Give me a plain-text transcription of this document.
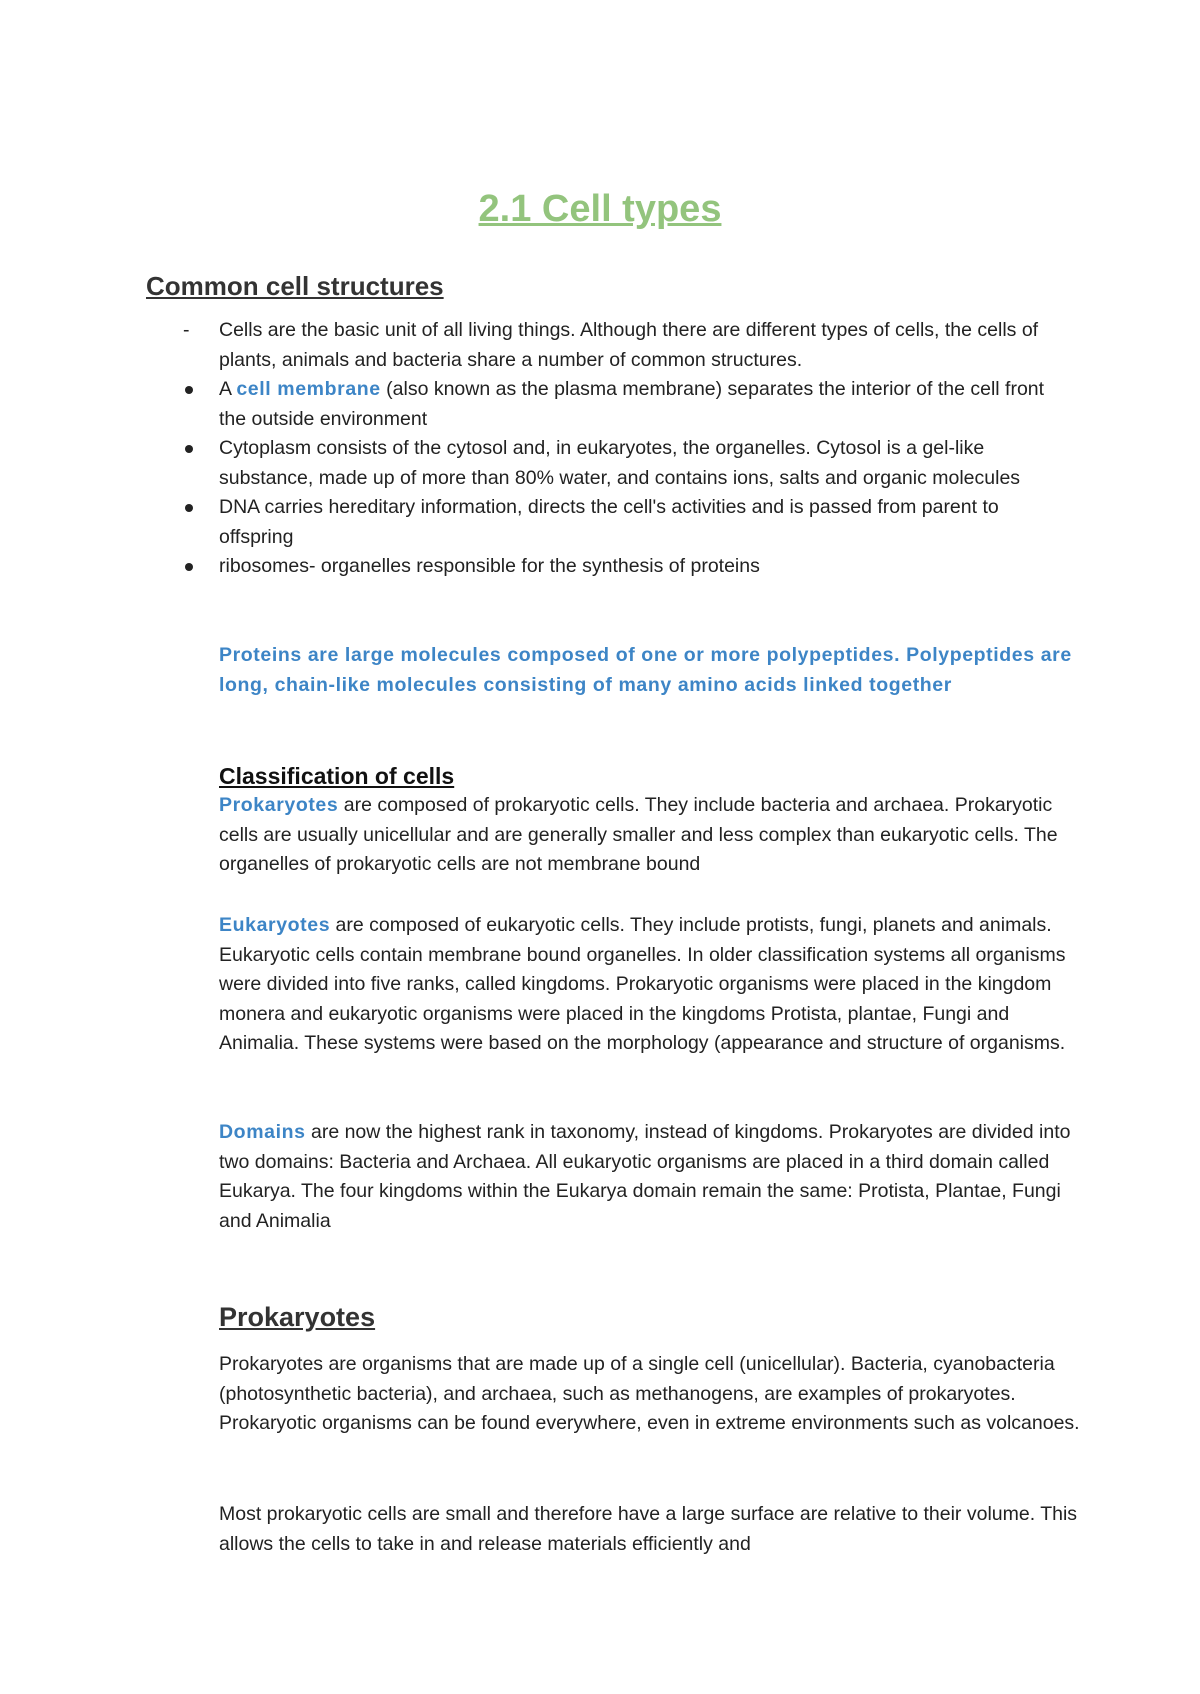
2.1 Cell types
Common cell structures
-	Cells are the basic unit of all living things. Although there are different types of cells, the cells of plants, animals and bacteria share a number of common structures.
A cell membrane (also known as the plasma membrane) separates the interior of the cell front the outside environment
Cytoplasm consists of the cytosol and, in eukaryotes, the organelles. Cytosol is a gel-like substance, made up of more than 80% water, and contains ions, salts and organic molecules
DNA carries hereditary information, directs the cell's activities and is passed from parent to offspring
ribosomes- organelles responsible for the synthesis of proteins
Proteins are large molecules composed of one or more polypeptides. Polypeptides are long, chain-like molecules consisting of many amino acids linked together
Classification of cells
Prokaryotes are composed of prokaryotic cells. They include bacteria and archaea. Prokaryotic cells are usually unicellular and are generally smaller and less complex than eukaryotic cells. The organelles of prokaryotic cells are not membrane bound
Eukaryotes are composed of eukaryotic cells. They include protists, fungi, planets and animals. Eukaryotic cells contain membrane bound organelles. In older classification systems all organisms were divided into five ranks, called kingdoms. Prokaryotic organisms were placed in the kingdom monera and eukaryotic organisms were placed in the kingdoms Protista, plantae, Fungi and Animalia. These systems were based on the morphology (appearance and structure of organisms.
Domains are now the highest rank in taxonomy, instead of kingdoms. Prokaryotes are divided into two domains: Bacteria and Archaea. All eukaryotic organisms are placed in a third domain called Eukarya. The four kingdoms within the Eukarya domain remain the same: Protista, Plantae, Fungi and Animalia
Prokaryotes
Prokaryotes are organisms that are made up of a single cell (unicellular). Bacteria, cyanobacteria (photosynthetic bacteria), and archaea, such as methanogens, are examples of prokaryotes. Prokaryotic organisms can be found everywhere, even in extreme environments such as volcanoes.
Most prokaryotic cells are small and therefore have a large surface are relative to their volume. This allows the cells to take in and release materials efficiently and
